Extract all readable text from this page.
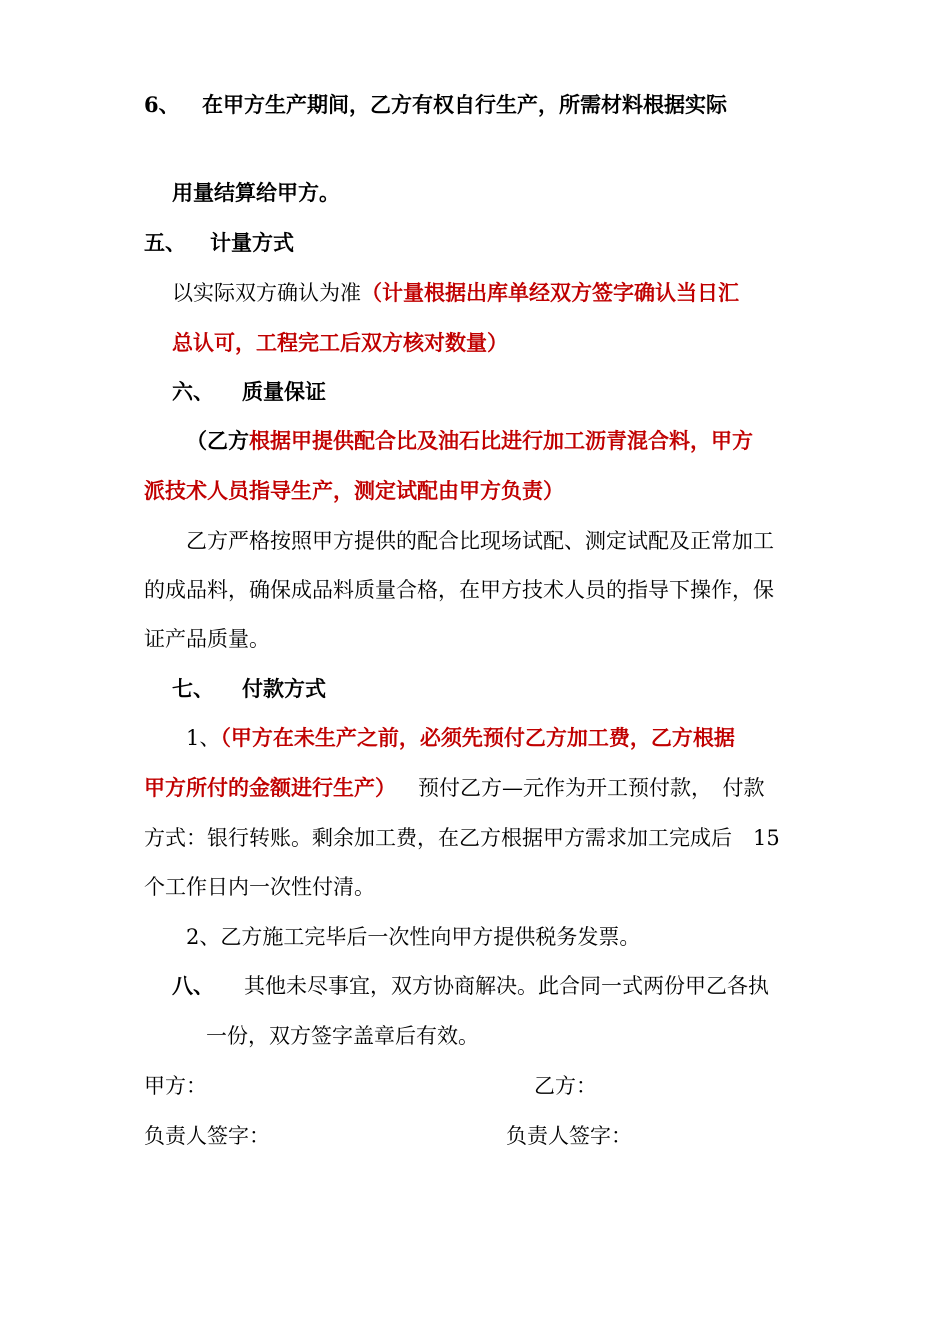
6、 在甲方生产期间，乙方有权自行生产，所需材料根据实际
用量结算给甲方。
五、 计量方式
以实际双方确认为准（计量根据出库单经双方签字确认当日汇
总认可，工程完工后双方核对数量）
六、 质量保证
（乙方根据甲提供配合比及油石比进行加工沥青混合料，甲方
派技术人员指导生产，测定试配由甲方负责）
乙方严格按照甲方提供的配合比现场试配、测定试配及正常加工
的成品料，确保成品料质量合格，在甲方技术人员的指导下操作，保
证产品质量。
七、 付款方式
1、（甲方在未生产之前，必须先预付乙方加工费，乙方根据
甲方所付的金额进行生产） 预付乙方—元作为开工预付款，　付款
方式：银行转账。剩余加工费，在乙方根据甲方需求加工完成后　15
个工作日内一次性付清。
2、乙方施工完毕后一次性向甲方提供税务发票。
八、 其他未尽事宜，双方协商解决。此合同一式两份甲乙各执
一份，双方签字盖章后有效。
甲方：	乙方：
负责人签字：	负责人签字：
